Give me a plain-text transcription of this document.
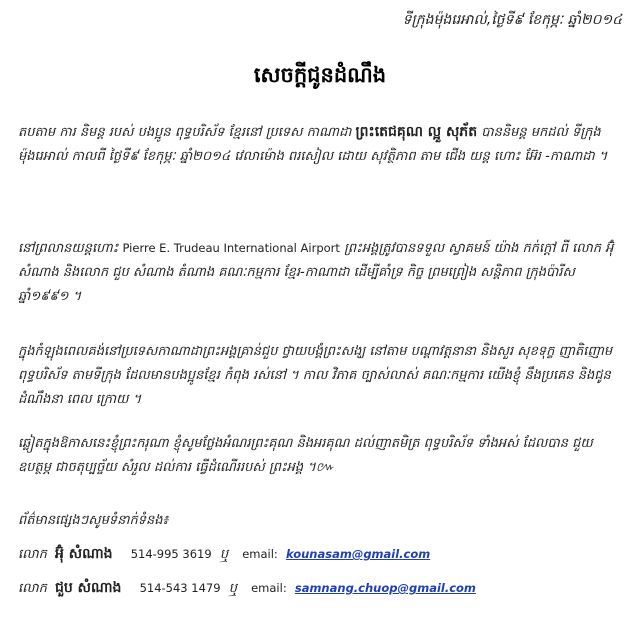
ទីក្រុងម៉ុងរេអាល់,ថ្ងៃទី៩ ខែកុម្ភៈ ឆ្នាំ២០១៤
សេចក្តីជូនដំណឹង
តបតាម ការ និមន្ត របស់ បងប្អូន ពុទ្ធបរិស័ទ ខ្មែរនៅ ប្រទេស កាណាដា ព្រះតេជគុណ ល្អួ សុភ័ត បាននិមន្ត មកដល់ ទីក្រុង ម៉ុងរេអាល់ កាលពី ថ្ងៃទី៩ ខែកុម្ភៈ ឆ្នាំ២០១៤ វេលាម៉ោង ពរសៀល ដោយ សុវត្ថិភាព តាម ជើង យន្ត ហោះ អ៊ែរ -កាណាដា ។
នៅព្រលានយន្តហោះ Pierre E. Trudeau International Airport ព្រះអង្គត្រូវបានទទួល ស្វាគមន៍ យ៉ាង កក់ក្តៅ ពី លោក អ៊ុំ សំណាង និងលោក ជួប សំណាង តំណាង គណៈកម្មការ ខ្មែរ-កាណាដា ដើម្បីគាំទ្រ កិច្ច ព្រមព្រៀង សន្តិភាព ក្រុងប៉ារីសឆ្នាំ១៩៩១ ។
ក្នុងកំឡុងពេលគង់នៅប្រទេសកាណាដាព្រះអង្គគ្រាន់ជួប ថ្វាយបង្គំព្រះសង្ឃ នៅតាម បណ្តាវត្តនានា និងសួរ សុខទុក្ខ ញាតិញោម ពុទ្ធបរិស័ទ តាមទីក្រុង ដែលមានបងប្អូនខ្មែរ កំពុង រស់នៅ ។ កាល វិភាគ ច្បាស់លាស់ គណៈកម្មការ យើងខ្ញុំ នឹងប្រគេន និងជូនដំណឹងនា ពេល ក្រោយ ។
ឆ្លៀតក្នុងឱកាសនេះខ្ញុំព្រះករុណា ខ្ញុំសូមថ្លែងអំណរព្រះគុណ និងអរគុណ ដល់ញាតមិត្រ ពុទ្ធបរិស័ទ ទាំងអស់ ដែលបាន ជួយឧបត្ថម្ភ ជាចតុប្បច្ច័យ សំរួល ដល់ការ ធ្វើដំណើររបស់ ព្រះអង្គ ។៚
ព័ត៌មានផ្សេងៗសូមទំនាក់ទំនង៖
លោក អ៊ុំ សំណាង 514-995 3619 ឬ email: kounasam@gmail.com
លោក ជួប សំណាង 514-543 1479 ឬ email: samnang.chuop@gmail.com
